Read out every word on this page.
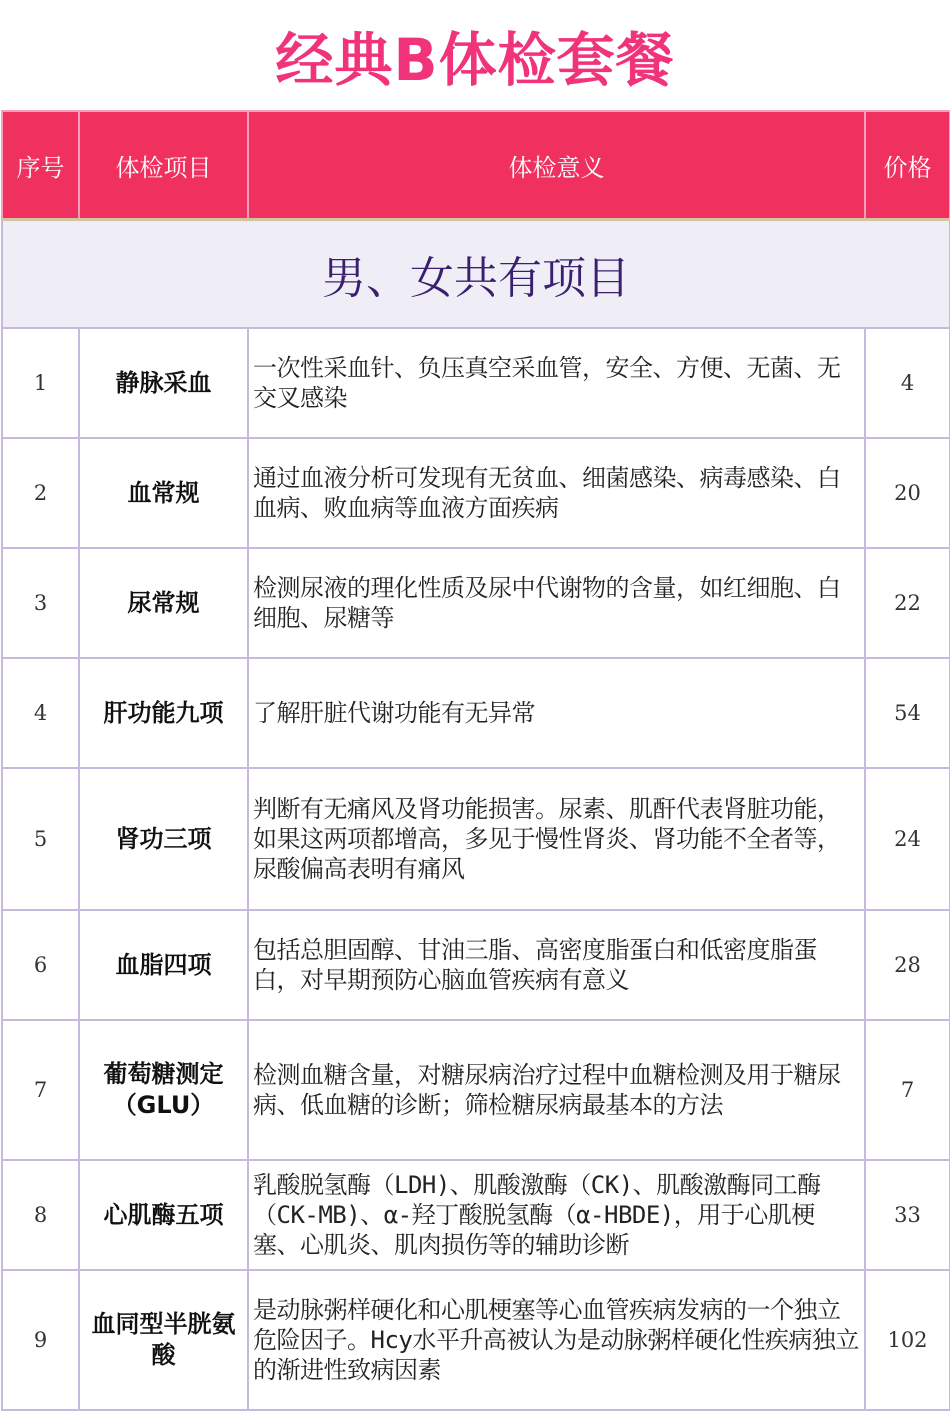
经典B体检套餐
序号	体检项目	体检意义	价格
男、女共有项目			
1	静脉采血	一次性采血针、负压真空采血管，安全、方便、无菌、无交叉感染	4
2	血常规	通过血液分析可发现有无贫血、细菌感染、病毒感染、白血病、败血病等血液方面疾病	20
3	尿常规	检测尿液的理化性质及尿中代谢物的含量，如红细胞、白细胞、尿糖等	22
4	肝功能九项	了解肝脏代谢功能有无异常	54
5	肾功三项	判断有无痛风及肾功能损害。尿素、肌酐代表肾脏功能，如果这两项都增高，多见于慢性肾炎、肾功能不全者等，尿酸偏高表明有痛风	24
6	血脂四项	包括总胆固醇、甘油三脂、高密度脂蛋白和低密度脂蛋白，对早期预防心脑血管疾病有意义	28
7	葡萄糖测定（GLU）	检测血糖含量，对糖尿病治疗过程中血糖检测及用于糖尿病、低血糖的诊断；筛检糖尿病最基本的方法	7
8	心肌酶五项	乳酸脱氢酶（LDH)、肌酸激酶（CK)、肌酸激酶同工酶（CK-MB)、α-羟丁酸脱氢酶（α-HBDE)，用于心肌梗塞、心肌炎、肌肉损伤等的辅助诊断	33
9	血同型半胱氨酸	是动脉粥样硬化和心肌梗塞等心血管疾病发病的一个独立危险因子。Hcy水平升高被认为是动脉粥样硬化性疾病独立的渐进性致病因素	102
